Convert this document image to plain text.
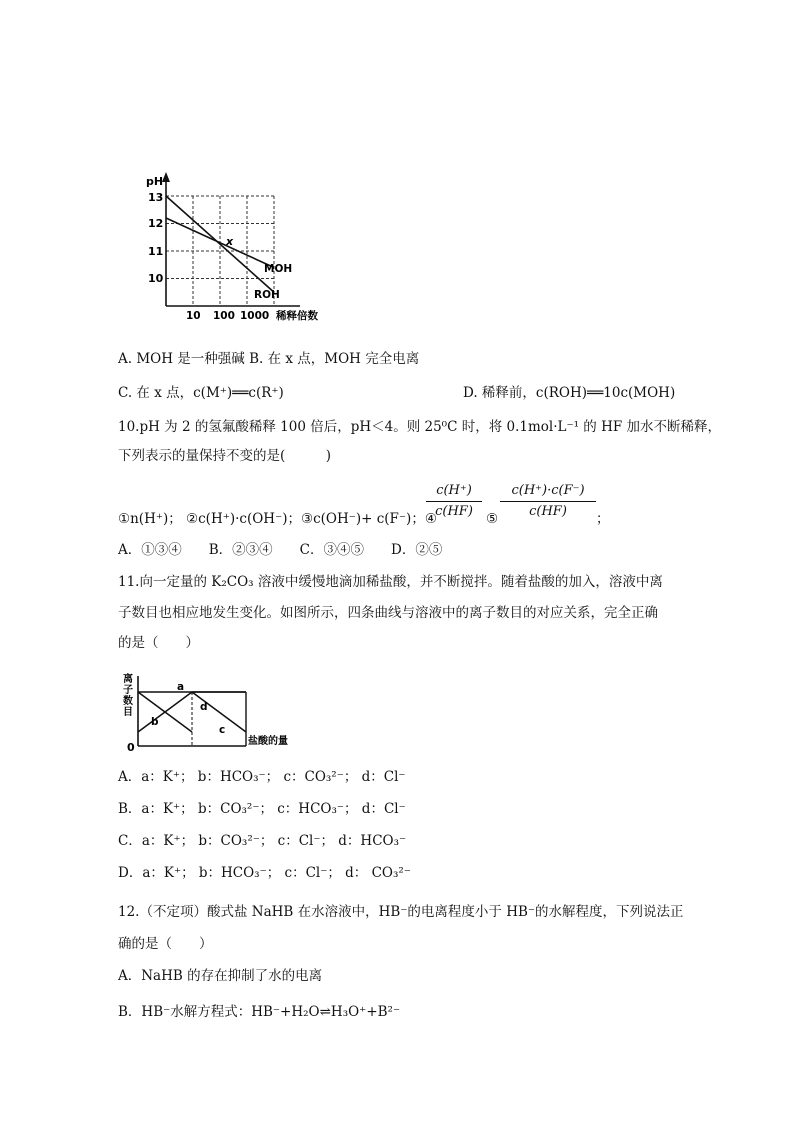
pH
13
12
11
10
10 100 1000 稀释倍数
MOH
ROH
x
A. MOH 是一种强碱 B. 在 x 点，MOH 完全电离
C. 在 x 点，c(M⁺)══c(R⁺)	D. 稀释前，c(ROH)══10c(MOH)
10.pH 为 2 的氢氟酸稀释 100 倍后，pH＜4。则 25⁰C 时，将 0.1mol·L⁻¹ 的 HF 加水不断稀释，
下列表示的量保持不变的是(　　　)
①n(H⁺)； ②c(H⁺)·c(OH⁻)；③c(OH⁻)+ c(F⁻)；④
c(H⁺)
c(HF) ⑤
c(H⁺)·c(F⁻)
c(HF)	；
A．①③④　　B．②③④　　C．③④⑤　　D．②⑤
11.向一定量的 K₂CO₃ 溶液中缓慢地滴加稀盐酸，并不断搅拌。随着盐酸的加入，溶液中离
子数目也相应地发生变化。如图所示，四条曲线与溶液中的离子数目的对应关系，完全正确
的是（　　）
离 子 数 目
0
a
b
d
c
盐酸的量
A．a：K⁺； b：HCO₃⁻； c：CO₃²⁻； d：Cl⁻
B．a：K⁺； b：CO₃²⁻； c：HCO₃⁻； d：Cl⁻
C．a：K⁺； b：CO₃²⁻； c：Cl⁻； d：HCO₃⁻
D．a：K⁺； b：HCO₃⁻； c：Cl⁻； d： CO₃²⁻
12.（不定项）酸式盐 NaHB 在水溶液中，HB⁻的电离程度小于 HB⁻的水解程度，下列说法正
确的是（　　）
A．NaHB 的存在抑制了水的电离
B．HB⁻水解方程式：HB⁻+H₂O⇌H₃O⁺+B²⁻
